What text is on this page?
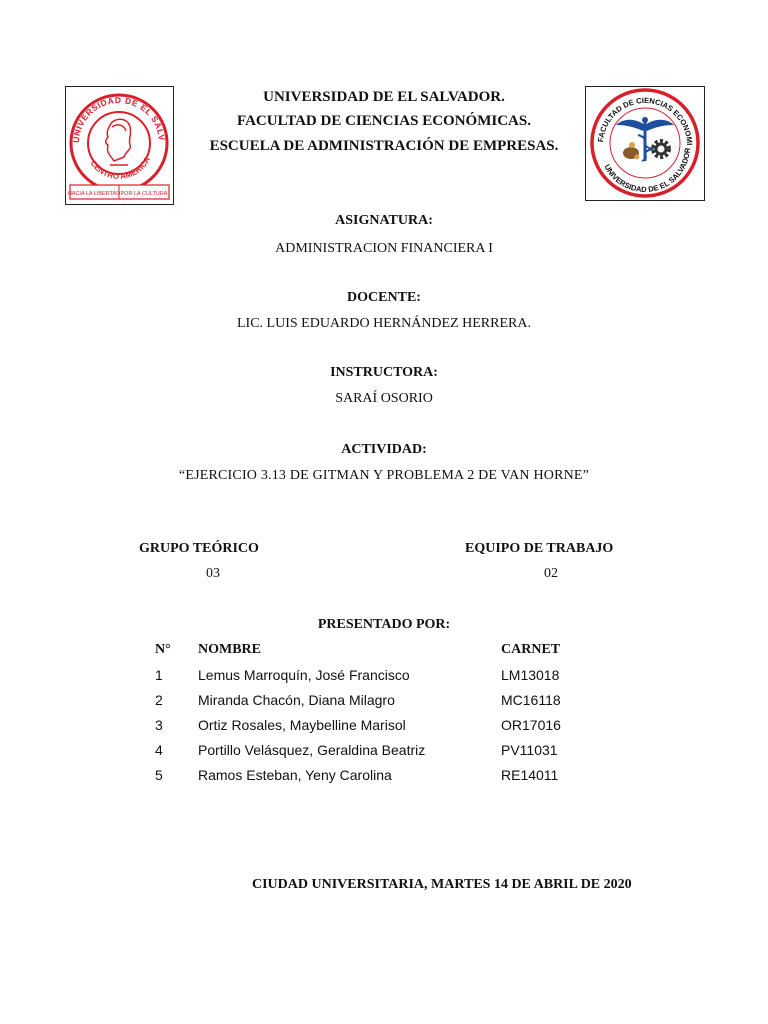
UNIVERSIDAD DE EL SALV
CENTRO AMERICA
HACIA LA LIBERTAD POR LA CULTURA
FACULTAD DE CIENCIAS ECONOMI
UNIVERSIDAD DE EL SALVADOR
UNIVERSIDAD DE EL SALVADOR.
FACULTAD DE CIENCIAS ECONÓMICAS.
ESCUELA DE ADMINISTRACIÓN DE EMPRESAS.
ASIGNATURA:
ADMINISTRACION FINANCIERA I
DOCENTE:
LIC. LUIS EDUARDO HERNÁNDEZ HERRERA.
INSTRUCTORA:
SARAÍ OSORIO
ACTIVIDAD:
“EJERCICIO 3.13 DE GITMAN Y PROBLEMA 2 DE VAN HORNE”
GRUPO TEÓRICO
03
EQUIPO DE TRABAJO
02
PRESENTADO POR:
N° NOMBRE	CARNET
1	Lemus Marroquín, José Francisco	LM13018
2	Miranda Chacón, Diana Milagro	MC16118
3	Ortiz Rosales, Maybelline Marisol	OR17016
4	Portillo Velásquez, Geraldina Beatriz	PV11031
5	Ramos Esteban, Yeny Carolina	RE14011
CIUDAD UNIVERSITARIA, MARTES 14 DE ABRIL DE 2020
